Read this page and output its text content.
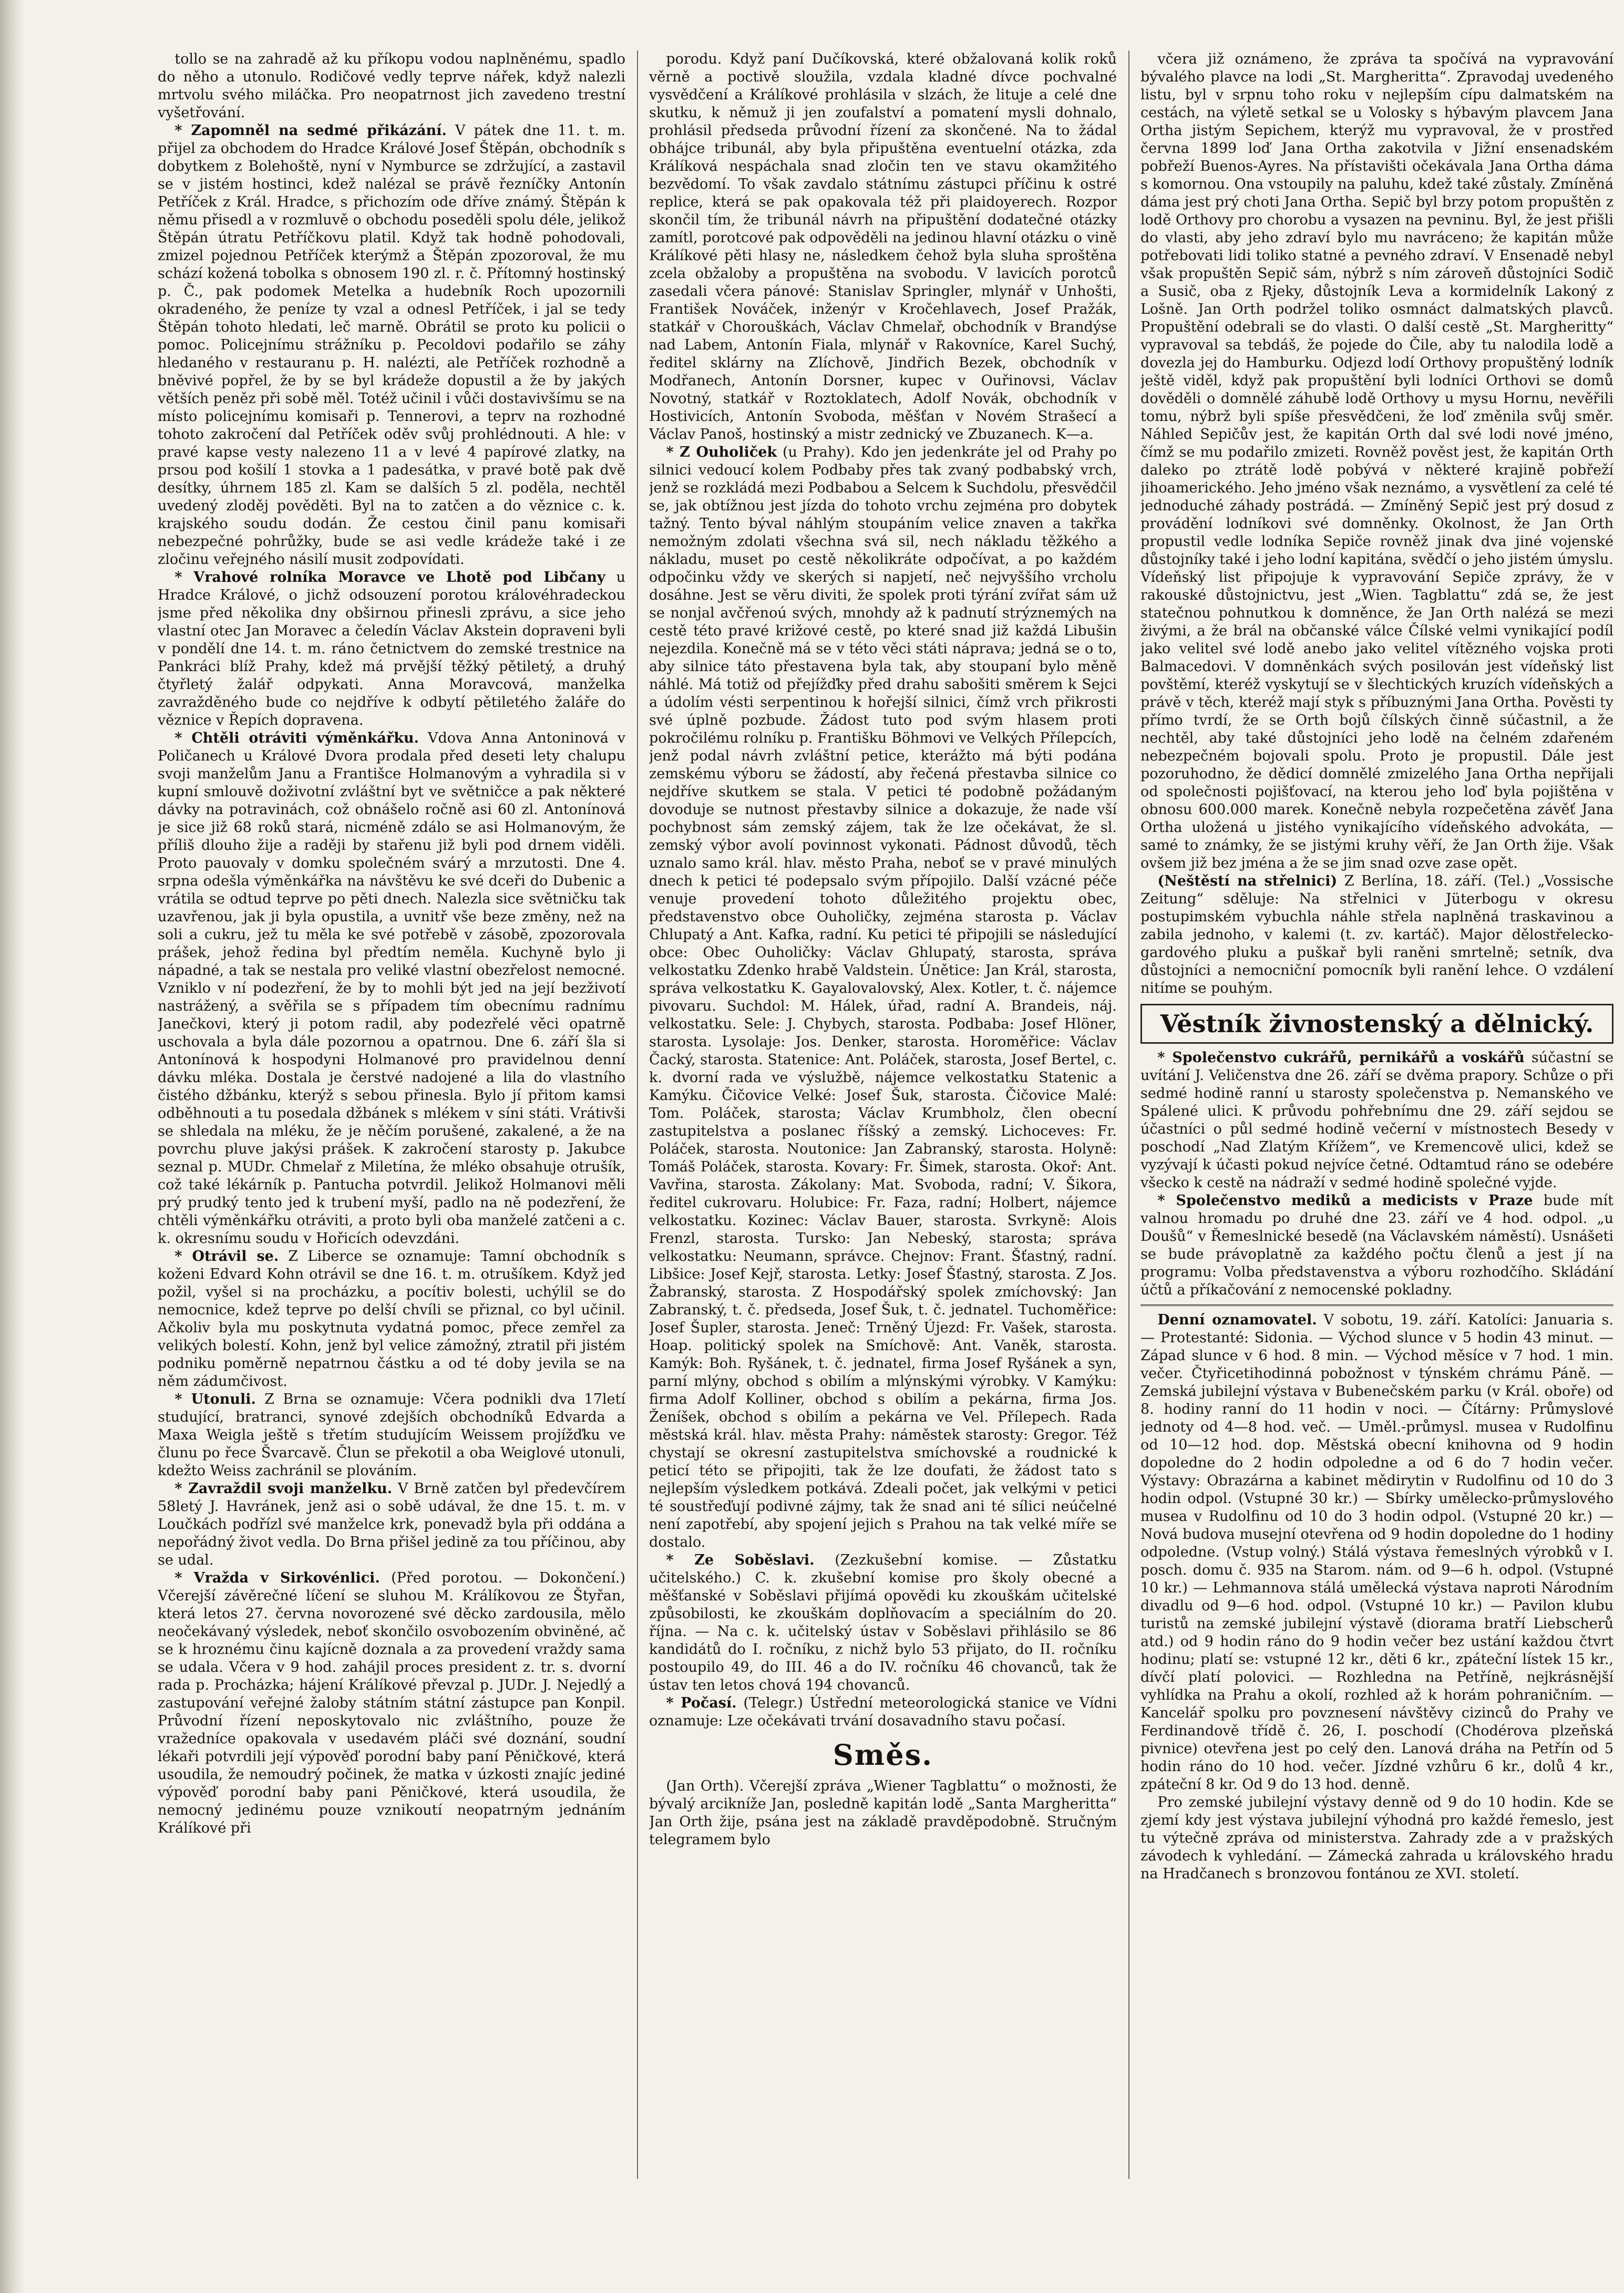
tollo se na zahradě až ku příkopu vodou naplněnému, spadlo do něho a utonulo. Rodičové vedly teprve nářek, když nalezli mrtvolu svého miláčka. Pro neopatrnost jich zavedeno trestní vyšetřování.

* Zapomněl na sedmé přikázání. V pátek dne 11. t. m. přijel za obchodem do Hradce Králové Josef Štěpán, obchodník s dobytkem z Bolehoště, nyní v Nymburce se zdržující, a zastavil se v jistém hostinci, kdež nalézal se právě řezníčky Antonín Petříček z Král. Hradce, s přichozím ode dříve známý. Štěpán k němu přisedl a v rozmluvě o obchodu poseděli spolu déle, jelikož Štěpán útratu Petříčkovu platil. Když tak hodně pohodovali, zmizel pojednou Petříček kterýmž a Štěpán zpozoroval, že mu schází kožená tobolka s obnosem 190 zl. r. č. Přítomný hostinský p. Č., pak podomek Metelka a hudebník Roch upozornili okradeného, že peníze ty vzal a odnesl Petříček, i jal se tedy Štěpán tohoto hledati, leč marně. Obrátil se proto ku policii o pomoc. Policejnímu strážníku p. Pecoldovi podařilo se záhy hledaného v restauranu p. H. nalézti, ale Petříček rozhodně a bněvivé popřel, že by se byl krádeže dopustil a že by jakých větších peněz při sobě měl. Totéž učinil i vůči dostavivšímu se na místo policejnímu komisaři p. Tennerovi, a teprv na rozhodné tohoto zakročení dal Petříček oděv svůj prohlédnouti. A hle: v pravé kapse vesty nalezeno 11 a v levé 4 papírové zlatky, na prsou pod košilí 1 stovka a 1 padesátka, v pravé botě pak dvě desítky, úhrnem 185 zl. Kam se dalších 5 zl. poděla, nechtěl uvedený zloděj pověděti. Byl na to zatčen a do věznice c. k. krajského soudu dodán. Že cestou činil panu komisaři nebezpečné pohrůžky, bude se asi vedle krádeže také i ze zločinu veřejného násilí musit zodpovídati.

* Vrahové rolníka Moravce ve Lhotě pod Libčany u Hradce Králové, o jichž odsouzení porotou královéhradeckou jsme před několika dny obširnou přinesli zprávu, a sice jeho vlastní otec Jan Moravec a čeledín Václav Akstein dopraveni byli v pondělí dne 14. t. m. ráno četnictvem do zemské trestnice na Pankráci blíž Prahy, kdež má prvější těžký pětiletý, a druhý čtyřletý žalář odpykati. Anna Moravcová, manželka zavražděného bude co nejdříve k odbytí pětiletého žaláře do věznice v Řepích dopravena.

* Chtěli otráviti výměnkářku. Vdova Anna Antoninová v Poličanech u Králové Dvora prodala před deseti lety chalupu svoji manželům Janu a Františce Holmanovým a vyhradila si v kupní smlouvě doživotní zvláštní byt ve světničce a pak některé dávky na potravinách, což obnášelo ročně asi 60 zl. Antonínová je sice již 68 roků stará, nicméně zdálo se asi Holmanovým, že příliš dlouho žije a raději by stařenu již byli pod drnem viděli. Proto pauovaly v domku společném svárý a mrzutosti. Dne 4. srpna odešla výměnkářka na návštěvu ke své dceři do Dubenic a vrátila se odtud teprve po pěti dnech. Nalezla sice světničku tak uzavřenou, jak ji byla opustila, a uvnitř vše beze změny, než na soli a cukru, jež tu měla ke své potřebě v zásobě, zpozorovala prášek, jehož ředina byl předtím neměla. Kuchyně bylo ji nápadné, a tak se nestala pro veliké vlastní obezřelost nemocné. Vzniklo v ní podezření, že by to mohli být jed na její bezživotí nastrážený, a svěřila se s případem tím obecnímu radnímu Janečkovi, který ji potom radil, aby podezřelé věci opatrně uschovala a byla dále pozornou a opatrnou. Dne 6. září šla si Antonínová k hospodyni Holmanové pro pravidelnou denní dávku mléka. Dostala je čerstvé nadojené a lila do vlastního čistého džbánku, kterýž s sebou přinesla. Bylo jí přitom kamsi odběhnouti a tu posedala džbánek s mlékem v síni státi. Vrátivši se shledala na mléku, že je něčím porušené, zakalené, a že na povrchu pluve jakýsi prášek. K zakročení starosty p. Jakubce seznal p. MUDr. Chmelař z Miletína, že mléko obsahuje otrušík, což také lékárník p. Pantucha potvrdil. Jelikož Holmanovi měli prý prudký tento jed k trubení myší, padlo na ně podezření, že chtěli výměnkářku otráviti, a proto byli oba manželé zatčeni a c. k. okresnímu soudu v Hořicích odevzdáni.

* Otrávil se. Z Liberce se oznamuje: Tamní obchodník s koženi Edvard Kohn otrávil se dne 16. t. m. otrušíkem. Když jed požil, vyšel si na procházku, a pocítiv bolesti, uchýlil se do nemocnice, kdež teprve po delší chvíli se přiznal, co byl učinil. Ačkoliv byla mu poskytnuta vydatná pomoc, přece zemřel za velikých bolestí. Kohn, jenž byl velice zámožný, ztratil při jistém podniku poměrně nepatrnou částku a od té doby jevila se na něm zádumčivost.

* Utonuli. Z Brna se oznamuje: Včera podnikli dva 17letí studující, bratranci, synové zdejších obchodníků Edvarda a Maxa Weigla ještě s třetím studujícím Weissem projížďku ve člunu po řece Švarcavě. Člun se překotil a oba Weiglové utonuli, kdežto Weiss zachránil se plováním.

* Zavraždil svoji manželku. V Brně zatčen byl předevčírem 58letý J. Havránek, jenž asi o sobě udával, že dne 15. t. m. v Loučkách podřízl své manželce krk, ponevadž byla při oddána a nepořádný život vedla. Do Brna přišel jedině za tou příčinou, aby se udal.

* Vražda v Sirkovénlici. (Před porotou. — Dokončení.) Včerejší závěrečné líčení se sluhou M. Králíkovou ze Štyřan, která letos 27. června novorozené své děcko zardousila, mělo neočekávaný výsledek, neboť skončilo osvobozením obviněné, ač se k hroznému činu kajícně doznala a za provedení vraždy sama se udala. Včera v 9 hod. zahájil proces president z. tr. s. dvorní rada p. Procházka; hájení Králíkové převzal p. JUDr. J. Nejedlý a zastupování veřejné žaloby státním státní zástupce pan Konpil. Průvodní řízení neposkytovalo nic zvláštního, pouze že vražedníce opakovala v usedavém pláči své doznání, soudní lékaři potvrdili její výpověď porodní baby paní Pěničkové, která usoudila, že nemoudrý počinek, že matka v úzkosti znajíc jediné výpověď porodní baby pani Pěničkové, která usoudila, že nemocný jedinému pouze vznikoutí neopatrným jednáním Králíkové při

porodu. Když paní Dučíkovská, které obžalovaná kolik roků věrně a poctivě sloužila, vzdala kladné dívce pochvalné vysvědčení a Králíkové prohlásila v slzách, že lituje a celé dne skutku, k němuž ji jen zoufalství a pomatení mysli dohnalo, prohlásil předseda průvodní řízení za skončené. Na to žádal obhájce tribunál, aby byla připuštěna eventuelní otázka, zda Králíková nespáchala snad zločin ten ve stavu okamžitého bezvědomí. To však zavdalo státnímu zástupci příčinu k ostré replice, která se pak opakovala též při plaidoyerech. Rozpor skončil tím, že tribunál návrh na připuštění dodatečné otázky zamítl, porotcové pak odpověděli na jedinou hlavní otázku o vině Králíkové pěti hlasy ne, následkem čehož byla sluha sproštěna zcela obžaloby a propuštěna na svobodu. V lavicích porotců zasedali včera pánové: Stanislav Springler, mlynář v Unhošti, František Nováček, inženýr v Kročehlavech, Josef Pražák, statkář v Chorouškách, Václav Chmelař, obchodník v Brandýse nad Labem, Antonín Fiala, mlynář v Rakovníce, Karel Suchý, ředitel sklárny na Zlíchově, Jindřich Bezek, obchodník v Modřanech, Antonín Dorsner, kupec v Ouřinovsi, Václav Novotný, statkář v Roztoklatech, Adolf Novák, obchodník v Hostivicích, Antonín Svoboda, měšťan v Novém Strašecí a Václav Panoš, hostinský a mistr zednický ve Zbuzanech. K—a.

* Z Ouholiček (u Prahy). Kdo jen jedenkráte jel od Prahy po silnici vedoucí kolem Podbaby přes tak zvaný podbabský vrch, jenž se rozkládá mezi Podbabou a Selcem k Suchdolu, přesvědčil se, jak obtížnou jest jízda do tohoto vrchu zejména pro dobytek tažný. Tento býval náhlým stoupáním velice znaven a takřka nemožným zdolati všechna svá sil, nech nákladu těžkého a nákladu, muset po cestě několikráte odpočívat, a po každém odpočinku vždy ve skerých si napjetí, neč nejvyššího vrcholu dosáhne. Jest se věru diviti, že spolek proti týrání zvířat sám už se nonjal avčřenoú svých, mnohdy až k padnutí strýznemých na cestě této pravé križové cestě, po které snad již každá Libušin nejezdila. Konečně má se v této věci státi náprava; jedná se o to, aby silnice táto přestavena byla tak, aby stoupaní bylo měně náhlé. Má totiž od přejížďky před drahu sabošiti směrem k Sejci a údolím vésti serpentinou k hořejší silnici, čímž vrch přikrosti své úplně pozbude. Žádost tuto pod svým hlasem proti pokročilému rolníku p. Františku Böhmovi ve Velkých Přílepcích, jenž podal návrh zvláštní petice, kterážto má býti podána zemskému výboru se žádostí, aby řečená přestavba silnice co nejdříve skutkem se stala. V petici té podobně požádaným dovoduje se nutnost přestavby silnice a dokazuje, že nade vší pochybnost sám zemský zájem, tak že lze očekávat, že sl. zemský výbor avolí povinnost vykonati. Pádnost důvodů, těch uznalo samo král. hlav. město Praha, neboť se v pravé minulých dnech k petici té podepsalo svým přípojilo. Další vzácné péče venuje provedení tohoto důležitého projektu obec, představenstvo obce Ouholičky, zejména starosta p. Václav Chlupatý a Ant. Kafka, radní. Ku petici té připojili se následující obce: Obec Ouholičky: Václav Ghlupatý, starosta, správa velkostatku Zdenko hrabě Valdstein. Únětice: Jan Král, starosta, správa velkostatku K. Gayalovalovský, Alex. Kotler, t. č. nájemce pivovaru. Suchdol: M. Hálek, úřad, radní A. Brandeis, náj. velkostatku. Sele: J. Chybych, starosta. Podbaba: Josef Hlöner, starosta. Lysolaje: Jos. Denker, starosta. Horoměřice: Václav Čacký, starosta. Statenice: Ant. Poláček, starosta, Josef Bertel, c. k. dvorní rada ve výslužbě, nájemce velkostatku Statenic a Kamýku. Čičovice Velké: Josef Šuk, starosta. Čičovice Malé: Tom. Poláček, starosta; Václav Krumbholz, člen obecní zastupitelstva a poslanec říšský a zemský. Lichoceves: Fr. Poláček, starosta. Noutonice: Jan Zabranský, starosta. Holyně: Tomáš Poláček, starosta. Kovary: Fr. Šimek, starosta. Okoř: Ant. Vavřina, starosta. Zákolany: Mat. Svoboda, radní; V. Šikora, ředitel cukrovaru. Holubice: Fr. Faza, radní; Holbert, nájemce velkostatku. Kozinec: Václav Bauer, starosta. Svrkyně: Alois Frenzl, starosta. Tursko: Jan Nebeský, starosta; správa velkostatku: Neumann, správce. Chejnov: Frant. Šťastný, radní. Libšice: Josef Kejř, starosta. Letky: Josef Šťastný, starosta. Z Jos. Žabranský, starosta. Z Hospodářský spolek zmíchovský: Jan Zabranský, t. č. předseda, Josef Šuk, t. č. jednatel. Tuchoměřice: Josef Šupler, starosta. Jeneč: Trněný Újezd: Fr. Vašek, starosta. Hoap. politický spolek na Smíchově: Ant. Vaněk, starosta. Kamýk: Boh. Ryšánek, t. č. jednatel, firma Josef Ryšánek a syn, parní mlýny, obchod s obilím a mlýnskými výrobky. V Kamýku: firma Adolf Kolliner, obchod s obilím a pekárna, firma Jos. Ženíšek, obchod s obilím a pekárna ve Vel. Přílepech. Rada městská král. hlav. města Prahy: náměstek starosty: Gregor. Též chystají se okresní zastupitelstva smíchovské a roudnické k peticí této se připojiti, tak že lze doufati, že žádost tato s nejlepším výsledkem potkává. Zdeali počet, jak velkými v petici té soustřeďují podivné zájmy, tak že snad ani té sílici neúčelné není zapotřebí, aby spojení jejich s Prahou na tak velké míře se dostalo.

* Ze Soběslavi. (Zezkušební komise. — Zůstatku učitelského.) C. k. zkušební komise pro školy obecné a měšťanské v Soběslavi přijímá opovědi ku zkouškám učitelské způsobilosti, ke zkouškám doplňovacím a speciálním do 20. října. — Na c. k. učitelský ústav v Soběslavi přihlásilo se 86 kandidátů do I. ročníku, z nichž bylo 53 přijato, do II. ročníku postoupilo 49, do III. 46 a do IV. ročníku 46 chovanců, tak že ústav ten letos chová 194 chovanců.

* Počasí. (Telegr.) Ústřední meteorologická stanice ve Vídni oznamuje: Lze očekávati trvání dosavadního stavu počasí.

Směs.

(Jan Orth). Včerejší zpráva „Wiener Tagblattu“ o možnosti, že bývalý arcikníže Jan, posledně kapitán lodě „Santa Margheritta“ Jan Orth žije, psána jest na základě pravděpodobně. Stručným telegramem bylo

včera již oznámeno, že zpráva ta spočívá na vypravování bývalého plavce na lodi „St. Margheritta“. Zpravodaj uvedeného listu, byl v srpnu toho roku v nejlepším cípu dalmatském na cestách, na výletě setkal se u Volosky s hýbavým plavcem Jana Ortha jistým Sepichem, kterýž mu vypravoval, že v prostřed června 1899 loď Jana Ortha zakotvila v Jižní ensenadském pobřeží Buenos-Ayres. Na přístavišti očekávala Jana Ortha dáma s komornou. Ona vstoupily na paluhu, kdež také zůstaly. Zmíněná dáma jest prý choti Jana Ortha. Sepič byl brzy potom propuštěn z lodě Orthovy pro chorobu a vysazen na pevninu. Byl, že jest přišli do vlasti, aby jeho zdraví bylo mu navráceno; že kapitán může potřebovati lidi toliko statné a pevného zdraví. V Ensenadě nebyl však propuštěn Sepič sám, nýbrž s ním zároveň důstojníci Sodič a Susič, oba z Rjeky, důstojník Leva a kormidelník Lakoný z Lošně. Jan Orth podržel toliko osmnáct dalmatských plavců. Propuštění odebrali se do vlasti. O další cestě „St. Margheritty“ vypravoval sa tebdáš, že pojede do Čile, aby tu nalodila lodě a dovezla jej do Hamburku. Odjezd lodí Orthovy propuštěný lodník ještě viděl, když pak propuštění byli lodníci Orthovi se domů dověděli o domnělé záhubě lodě Orthovy u mysu Hornu, nevěřili tomu, nýbrž byli spíše přesvědčeni, že loď změnila svůj směr. Náhled Sepičův jest, že kapitán Orth dal své lodi nové jméno, čímž se mu podařilo zmizeti. Rovněž pověst jest, že kapitán Orth daleko po ztrátě lodě pobývá v některé krajině pobřeží jihoamerického. Jeho jméno však neznámo, a vysvětlení za celé té jednoduché záhady postrádá. — Zmíněný Sepič jest prý dosud z provádění lodníkovi své domněnky. Okolnost, že Jan Orth propustil vedle lodníka Sepiče rovněž jinak dva jiné vojenské důstojníky také i jeho lodní kapitána, svědčí o jeho jistém úmyslu. Vídeňský list připojuje k vypravování Sepiče zprávy, že v rakouské důstojnictvu, jest „Wien. Tagblattu“ zdá se, že jest statečnou pohnutkou k domněnce, že Jan Orth nalézá se mezi živými, a že brál na občanské válce Čílské velmi vynikající podíl jako velitel své lodě anebo jako velitel vítězného vojska proti Balmacedovi. V domněnkách svých posilován jest vídeňský list povštěmí, kteréž vyskytují se v šlechtických kruzích vídeňských a právě v těch, kteréž mají styk s příbuznými Jana Ortha. Pověsti ty přímo tvrdí, že se Orth bojů čílských činně súčastnil, a že nechtěl, aby také důstojníci jeho lodě na čelném zdařeném nebezpečném bojovali spolu. Proto je propustil. Dále jest pozoruhodno, že dědicí domnělé zmizelého Jana Ortha nepřijali od společnosti pojišťovací, na kterou jeho loď byla pojištěna v obnosu 600.000 marek. Konečně nebyla rozpečetěna závěť Jana Ortha uložená u jistého vynikajícího vídeňského advokáta, — samé to známky, že se jistými kruhy věří, že Jan Orth žije. Však ovšem již bez jména a že se jim snad ozve zase opět.

(Neštěstí na střelnici) Z Berlína, 18. září. (Tel.) „Vossische Zeitung“ sděluje: Na střelnici v Jüterbogu v okresu postupimském vybuchla náhle střela naplněná traskavinou a zabila jednoho, v kalemi (t. zv. kartáč). Major dělostřelecko-gardového pluku a puškař byli raněni smrtelně; setník, dva důstojníci a nemocniční pomocník byli ranění lehce. O vzdálení nitíme se pouhým.

Věstník živnostenský a dělnický.

* Společenstvo cukrářů, pernikářů a voskářů súčastní se uvítání J. Veličenstva dne 26. září se dvěma prapory. Schůze o při sedmé hodině ranní u starosty společenstva p. Nemanského ve Spálené ulici. K průvodu pohřebnímu dne 29. září sejdou se účastníci o půl sedmé hodině večerní v místnostech Besedy v poschodí „Nad Zlatým Křížem“, ve Kremencově ulici, kdež se vyzývají k účasti pokud nejvíce četné. Odtamtud ráno se odebére všecko k cestě na nádraží v sedmé hodině společné vyjde.

* Společenstvo mediků a medicists v Praze bude mít valnou hromadu po druhé dne 23. září ve 4 hod. odpol. „u Doušů“ v Řemeslnické besedě (na Václavském náměstí). Usnášeti se bude právoplatně za každého počtu členů a jest jí na programu: Volba představenstva a výboru rozhodčího. Skládání účtů a příkačování z nemocenské pokladny.

Denní oznamovatel. V sobotu, 19. září. Katolíci: Januaria s. — Protestanté: Sidonia. — Východ slunce v 5 hodin 43 minut. — Západ slunce v 6 hod. 8 min. — Východ měsíce v 7 hod. 1 min. večer. Čtyřicetihodinná pobožnost v týnském chrámu Páně. — Zemská jubilejní výstava v Bubenečském parku (v Král. oboře) od 8. hodiny ranní do 11 hodin v noci. — Čítárny: Průmyslové jednoty od 4—8 hod. več. — Uměl.-průmysl. musea v Rudolfinu od 10—12 hod. dop. Městská obecní knihovna od 9 hodin dopoledne do 2 hodin odpoledne a od 6 do 7 hodin večer. Výstavy: Obrazárna a kabinet mědirytin v Rudolfinu od 10 do 3 hodin odpol. (Vstupné 30 kr.) — Sbírky umělecko-průmyslového musea v Rudolfinu od 10 do 3 hodin odpol. (Vstupné 20 kr.) — Nová budova musejní otevřena od 9 hodin dopoledne do 1 hodiny odpoledne. (Vstup volný.) Stálá výstava řemeslných výrobků v I. posch. domu č. 935 na Starom. nám. od 9—6 h. odpol. (Vstupné 10 kr.) — Lehmannova stálá umělecká výstava naproti Národním divadlu od 9—6 hod. odpol. (Vstupné 10 kr.) — Pavilon klubu turistů na zemské jubilejní výstavě (diorama bratří Liebscherů atd.) od 9 hodin ráno do 9 hodin večer bez ustání každou čtvrt hodinu; platí se: vstupné 12 kr., děti 6 kr., zpáteční lístek 15 kr., dívčí platí polovici. — Rozhledna na Petříně, nejkrásnější vyhlídka na Prahu a okolí, rozhled až k horám pohraničním. — Kancelář spolku pro povznesení návštěvy cizinců do Prahy ve Ferdinandově třídě č. 26, I. poschodí (Chodérova plzeňská pivnice) otevřena jest po celý den. Lanová dráha na Petřín od 5 hodin ráno do 10 hod. večer. Jízdné vzhůru 6 kr., dolů 4 kr., zpáteční 8 kr. Od 9 do 13 hod. denně.

Pro zemské jubilejní výstavy denně od 9 do 10 hodin. Kde se zjemí kdy jest výstava jubilejní výhodná pro každé řemeslo, jest tu výtečně zpráva od ministerstva. Zahrady zde a v pražských závodech k vyhledání. — Zámecká zahrada u královského hradu na Hradčanech s bronzovou fontánou ze XVI. století.
